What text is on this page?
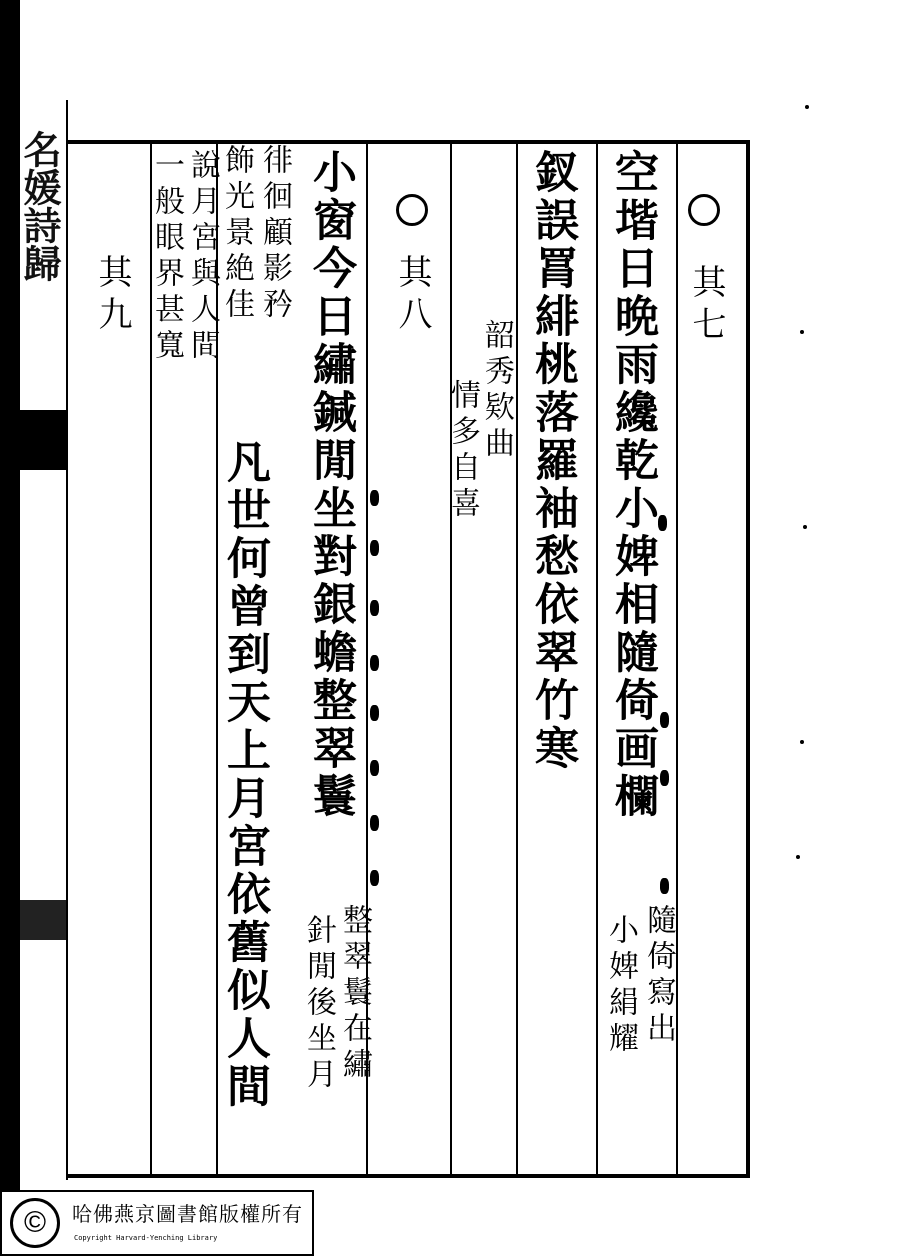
名媛詩歸
其七
空堦日晩雨纔乾小婢相隨倚画欄
隨倚寫出
小婢絹耀
釵誤罥緋桃落羅袖愁依翠竹寒
韶秀欵曲
情多自喜
其八
小窗今日繡鍼閒坐對銀蟾整翠鬟
整翠鬟在繡
針閒後坐月
徘徊顧影矜
凡世何曾到天上月宮依舊似人間
飾光景絶佳
說月宮與人間
一般眼界甚寬
其九
©	哈佛燕京圖書館版權所有
Copyright Harvard-Yenching Library
